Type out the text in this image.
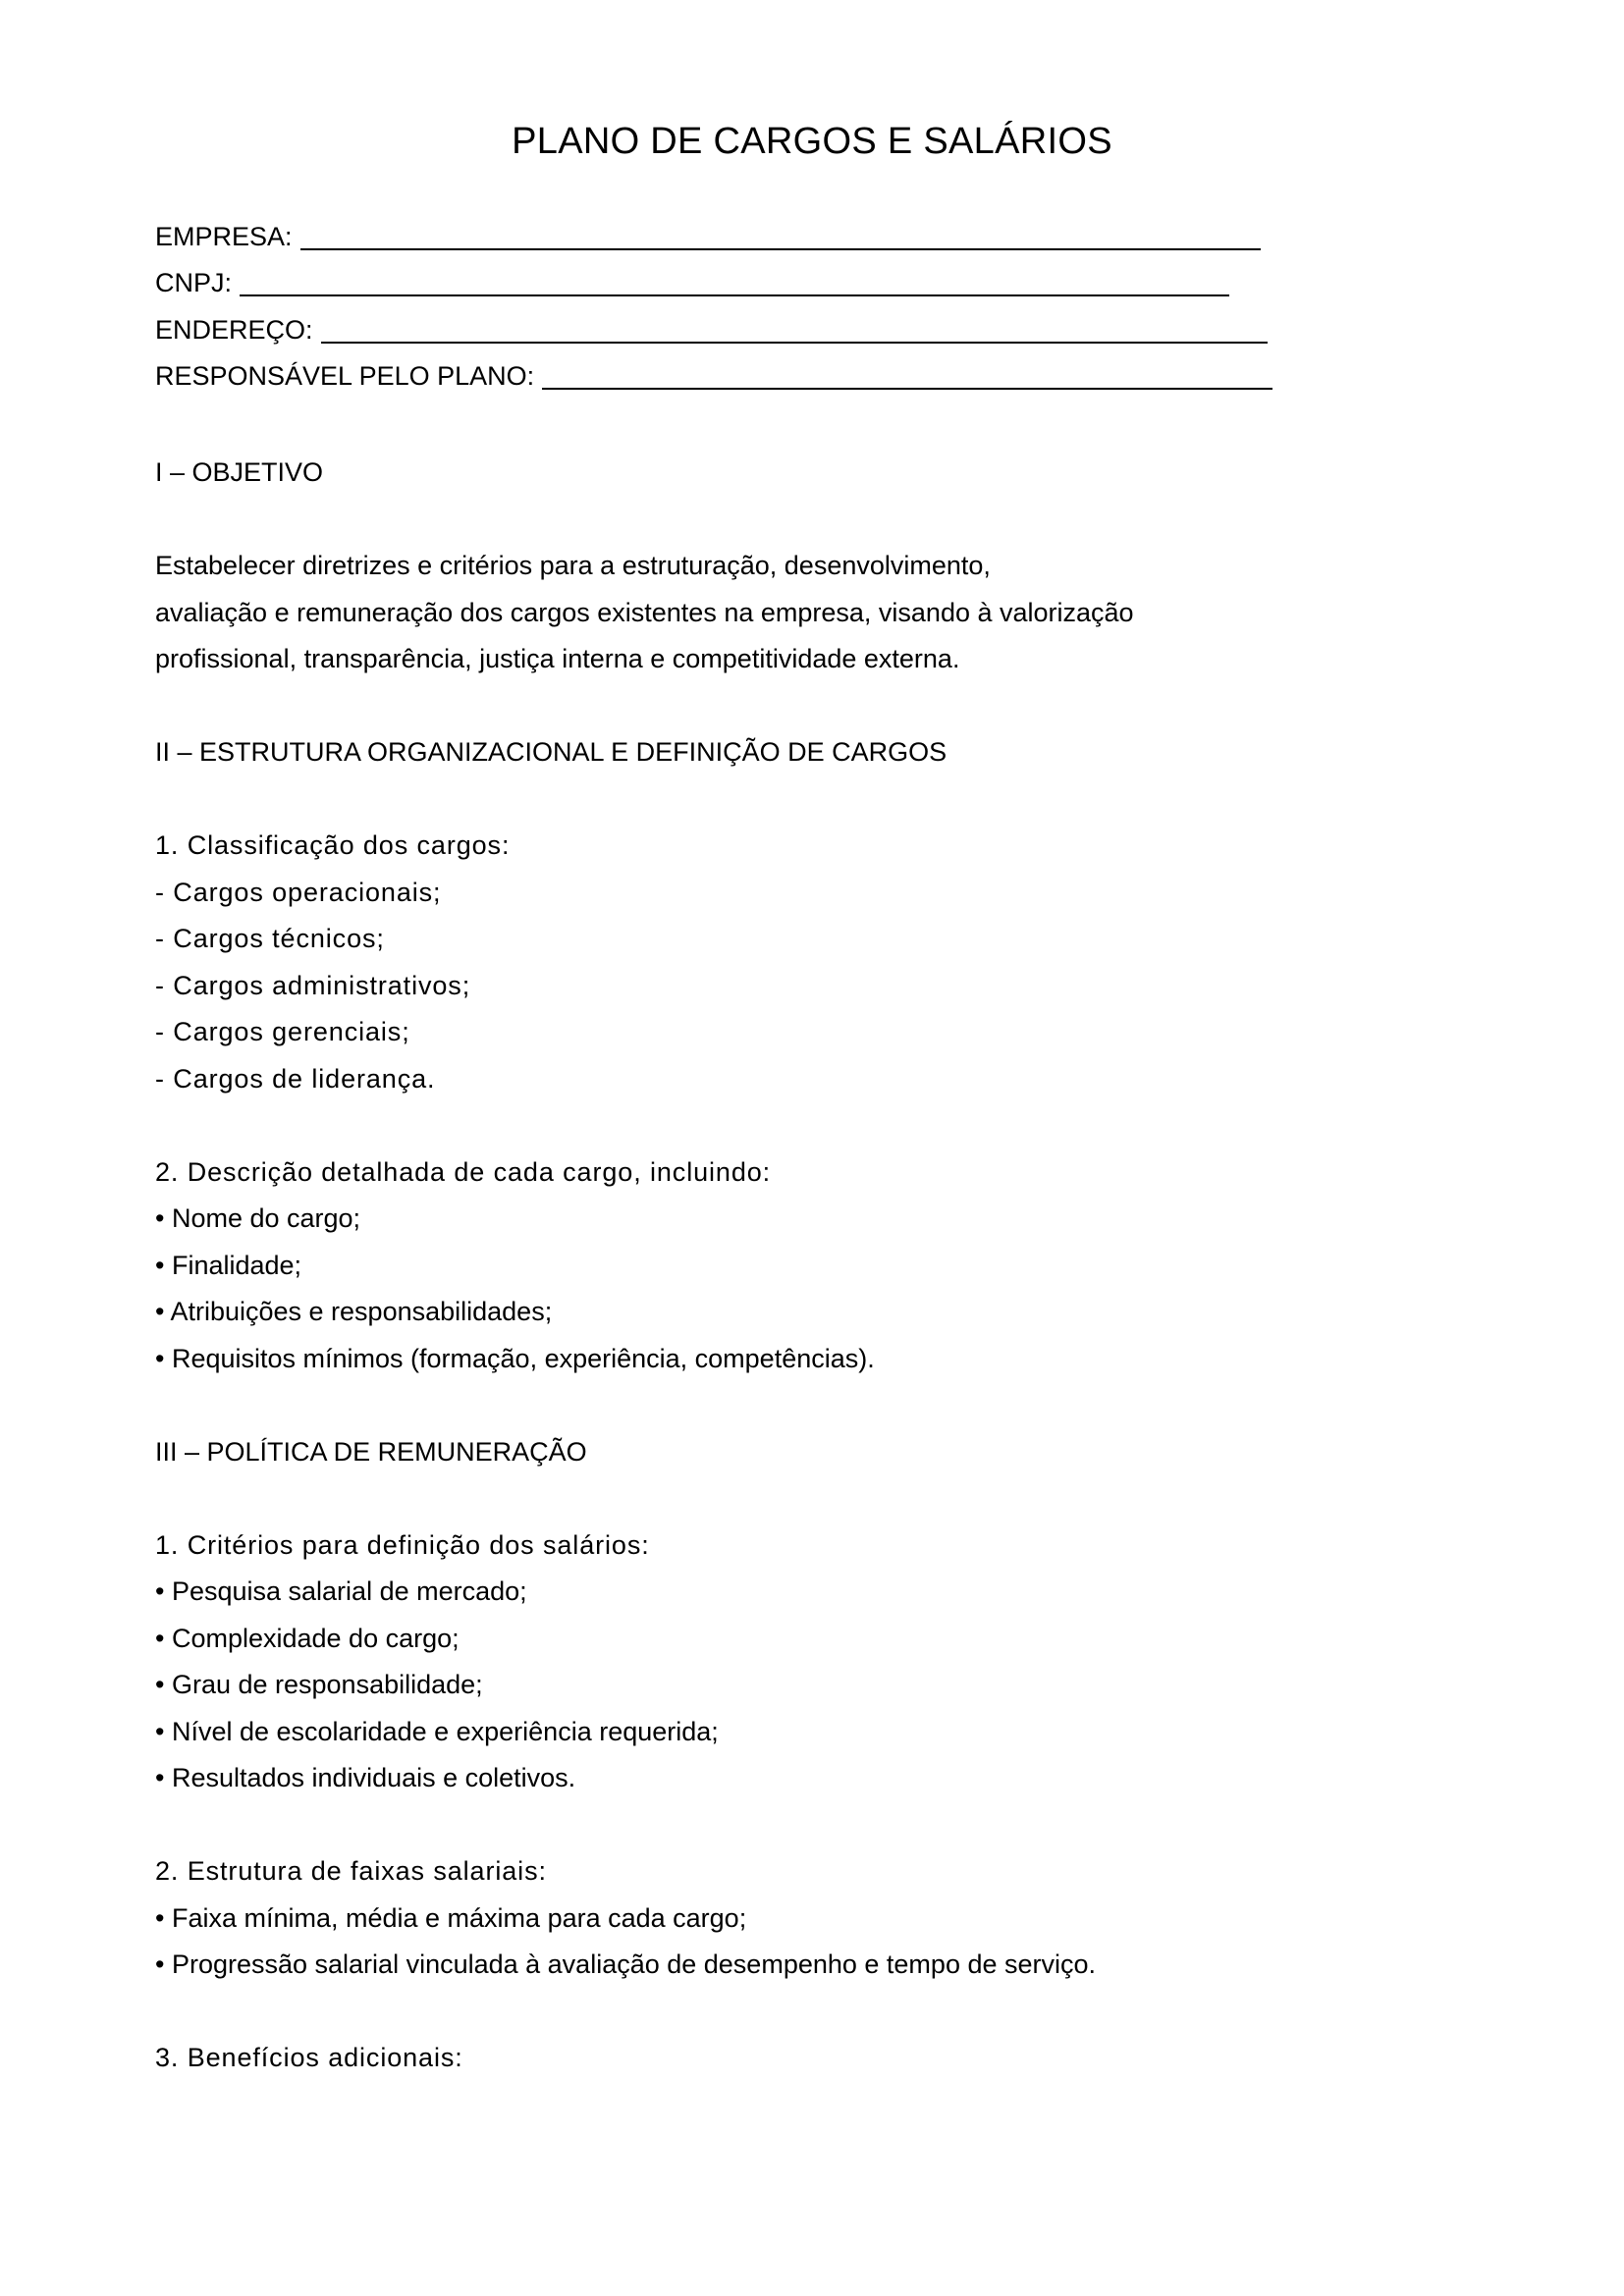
PLANO DE CARGOS E SALÁRIOS
EMPRESA:
CNPJ:
ENDEREÇO:
RESPONSÁVEL PELO PLANO:
I – OBJETIVO
Estabelecer diretrizes e critérios para a estruturação, desenvolvimento,
avaliação e remuneração dos cargos existentes na empresa, visando à valorização
profissional, transparência, justiça interna e competitividade externa.
II – ESTRUTURA ORGANIZACIONAL E DEFINIÇÃO DE CARGOS
1. Classificação dos cargos:
- Cargos operacionais;
- Cargos técnicos;
- Cargos administrativos;
- Cargos gerenciais;
- Cargos de liderança.
2. Descrição detalhada de cada cargo, incluindo:
• Nome do cargo;
• Finalidade;
• Atribuições e responsabilidades;
• Requisitos mínimos (formação, experiência, competências).
III – POLÍTICA DE REMUNERAÇÃO
1. Critérios para definição dos salários:
• Pesquisa salarial de mercado;
• Complexidade do cargo;
• Grau de responsabilidade;
• Nível de escolaridade e experiência requerida;
• Resultados individuais e coletivos.
2. Estrutura de faixas salariais:
• Faixa mínima, média e máxima para cada cargo;
• Progressão salarial vinculada à avaliação de desempenho e tempo de serviço.
3. Benefícios adicionais:
